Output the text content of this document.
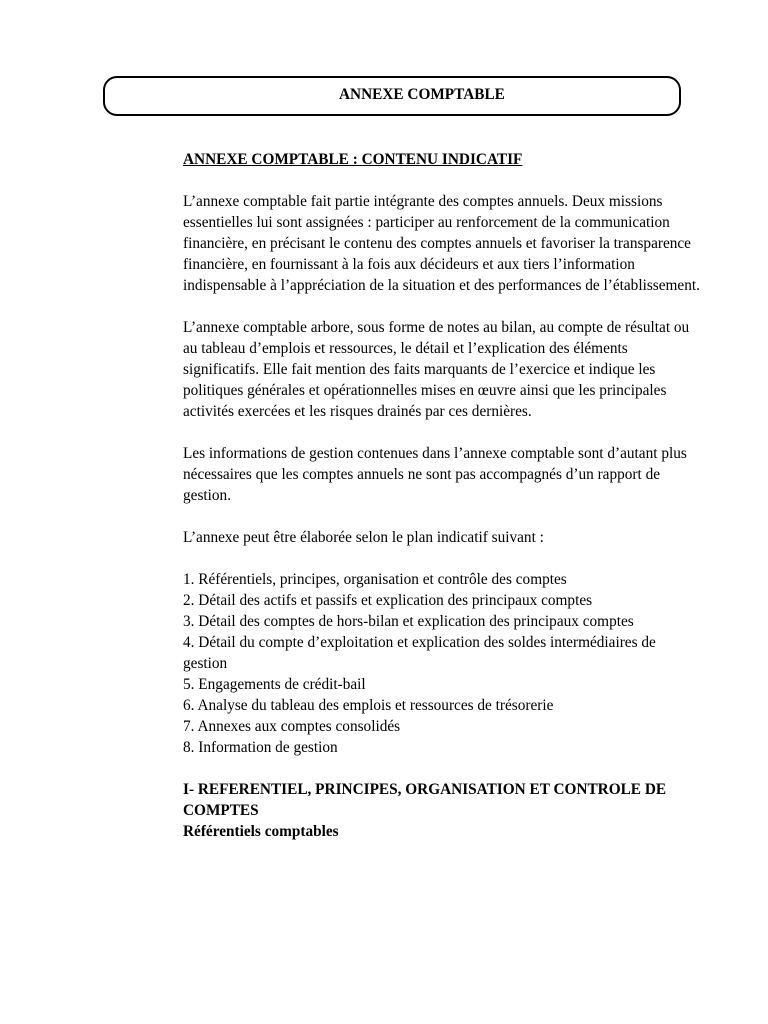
ANNEXE COMPTABLE
ANNEXE COMPTABLE : CONTENU INDICATIF

L’annexe comptable fait partie intégrante des comptes annuels. Deux missions essentielles lui sont assignées : participer au renforcement de la communication financière, en précisant le contenu des comptes annuels et favoriser la transparence financière, en fournissant à la fois aux décideurs et aux tiers l’information indispensable à l’appréciation de la situation et des performances de l’établissement.

L’annexe comptable arbore, sous forme de notes au bilan, au compte de résultat ou au tableau d’emplois et ressources, le détail et l’explication des éléments significatifs. Elle fait mention des faits marquants de l’exercice et indique les politiques générales et opérationnelles mises en œuvre ainsi que les principales activités exercées et les risques drainés par ces dernières.

Les informations de gestion contenues dans l’annexe comptable sont d’autant plus nécessaires que les comptes annuels ne sont pas accompagnés d’un rapport de gestion.

L’annexe peut être élaborée selon le plan indicatif suivant :

1. Référentiels, principes, organisation et contrôle des comptes
2. Détail des actifs et passifs et explication des principaux comptes
3. Détail des comptes de hors-bilan et explication des principaux comptes
4. Détail du compte d’exploitation et explication des soldes intermédiaires de gestion
5. Engagements de crédit-bail
6. Analyse du tableau des emplois et ressources de trésorerie
7. Annexes aux comptes consolidés
8. Information de gestion
I- REFERENTIEL, PRINCIPES, ORGANISATION ET CONTROLE DE COMPTES
Référentiels comptables
